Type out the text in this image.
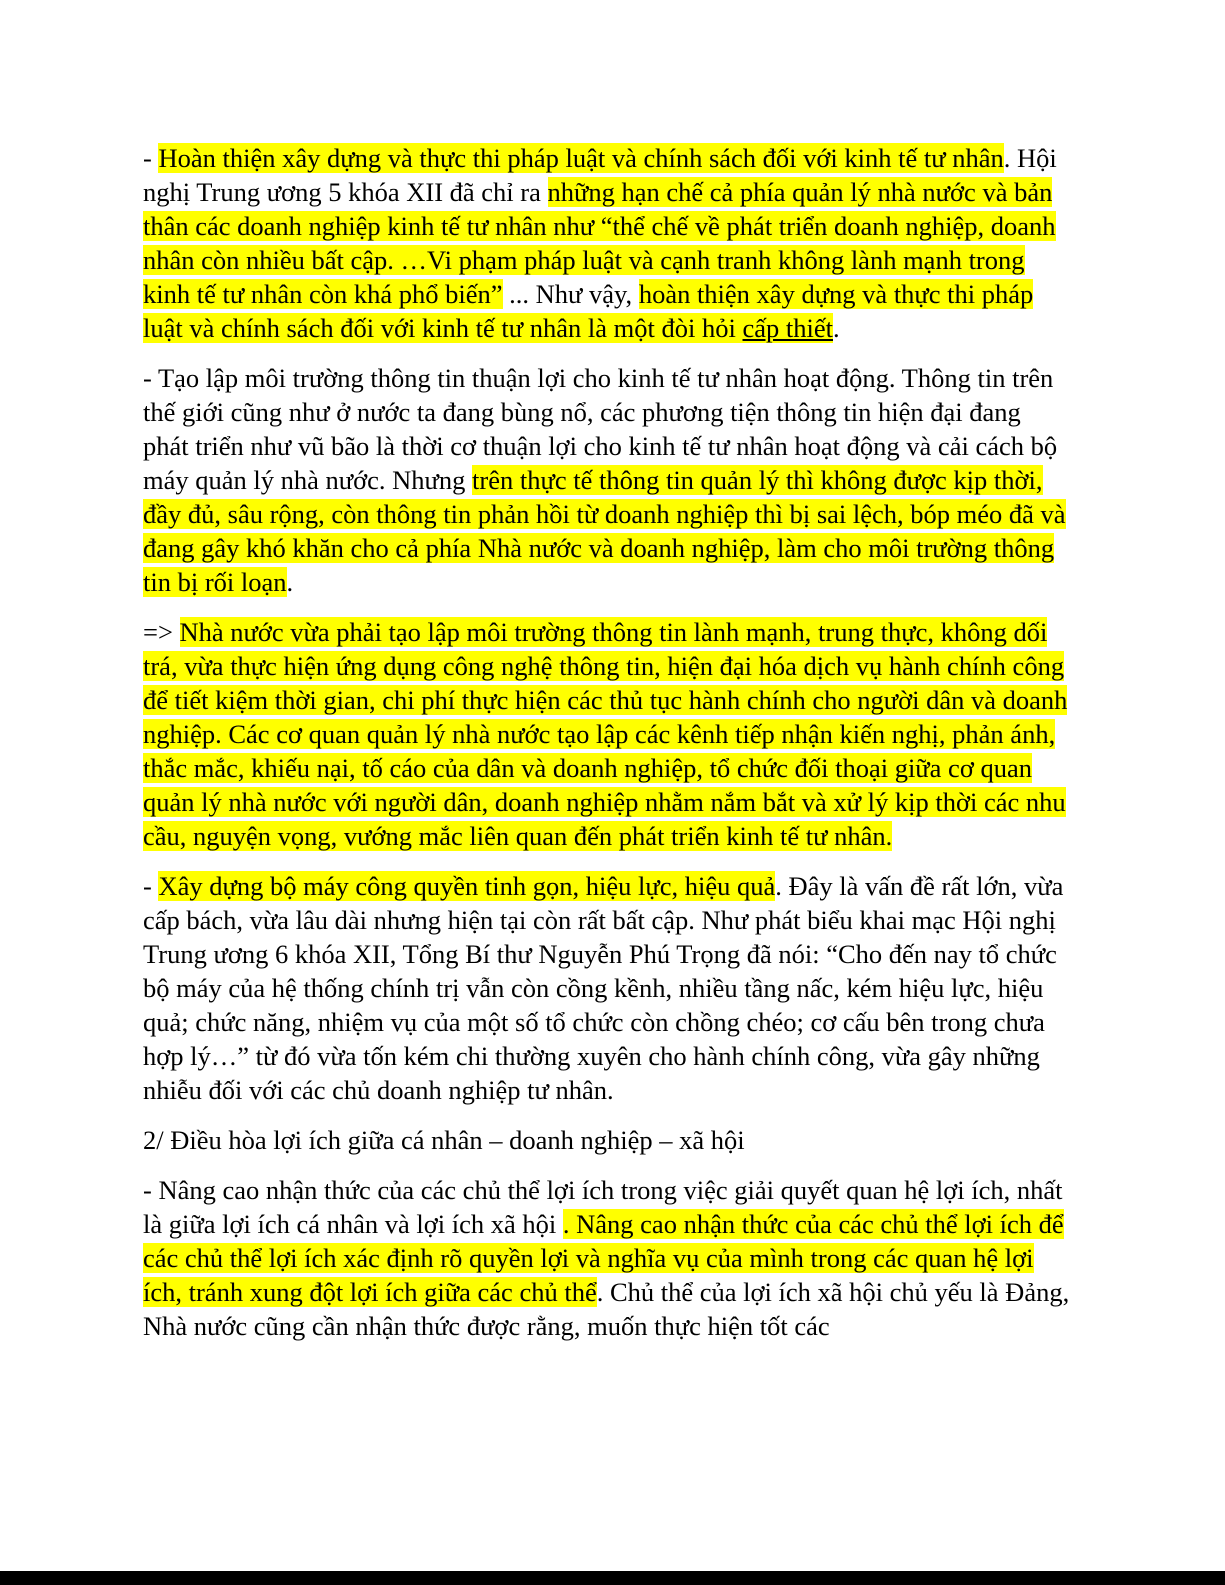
- Hoàn thiện xây dựng và thực thi pháp luật và chính sách đối với kinh tế tư nhân. Hội nghị Trung ương 5 khóa XII đã chỉ ra những hạn chế cả phía quản lý nhà nước và bản thân các doanh nghiệp kinh tế tư nhân như “thể chế về phát triển doanh nghiệp, doanh nhân còn nhiều bất cập. …Vi phạm pháp luật và cạnh tranh không lành mạnh trong kinh tế tư nhân còn khá phổ biến” ... Như vậy, hoàn thiện xây dựng và thực thi pháp luật và chính sách đối với kinh tế tư nhân là một đòi hỏi cấp thiết.

- Tạo lập môi trường thông tin thuận lợi cho kinh tế tư nhân hoạt động. Thông tin trên thế giới cũng như ở nước ta đang bùng nổ, các phương tiện thông tin hiện đại đang phát triển như vũ bão là thời cơ thuận lợi cho kinh tế tư nhân hoạt động và cải cách bộ máy quản lý nhà nước. Nhưng trên thực tế thông tin quản lý thì không được kịp thời, đầy đủ, sâu rộng, còn thông tin phản hồi từ doanh nghiệp thì bị sai lệch, bóp méo đã và đang gây khó khăn cho cả phía Nhà nước và doanh nghiệp, làm cho môi trường thông tin bị rối loạn.

=> Nhà nước vừa phải tạo lập môi trường thông tin lành mạnh, trung thực, không dối trá, vừa thực hiện ứng dụng công nghệ thông tin, hiện đại hóa dịch vụ hành chính công để tiết kiệm thời gian, chi phí thực hiện các thủ tục hành chính cho người dân và doanh nghiệp. Các cơ quan quản lý nhà nước tạo lập các kênh tiếp nhận kiến nghị, phản ánh, thắc mắc, khiếu nại, tố cáo của dân và doanh nghiệp, tổ chức đối thoại giữa cơ quan quản lý nhà nước với người dân, doanh nghiệp nhằm nắm bắt và xử lý kịp thời các nhu cầu, nguyện vọng, vướng mắc liên quan đến phát triển kinh tế tư nhân.

- Xây dựng bộ máy công quyền tinh gọn, hiệu lực, hiệu quả. Đây là vấn đề rất lớn, vừa cấp bách, vừa lâu dài nhưng hiện tại còn rất bất cập. Như phát biểu khai mạc Hội nghị Trung ương 6 khóa XII, Tổng Bí thư Nguyễn Phú Trọng đã nói: “Cho đến nay tổ chức bộ máy của hệ thống chính trị vẫn còn cồng kềnh, nhiều tầng nấc, kém hiệu lực, hiệu quả; chức năng, nhiệm vụ của một số tổ chức còn chồng chéo; cơ cấu bên trong chưa hợp lý…” từ đó vừa tốn kém chi thường xuyên cho hành chính công, vừa gây những nhiễu đối với các chủ doanh nghiệp tư nhân.

2/ Điều hòa lợi ích giữa cá nhân – doanh nghiệp – xã hội

- Nâng cao nhận thức của các chủ thể lợi ích trong việc giải quyết quan hệ lợi ích, nhất là giữa lợi ích cá nhân và lợi ích xã hội . Nâng cao nhận thức của các chủ thể lợi ích để các chủ thể lợi ích xác định rõ quyền lợi và nghĩa vụ của mình trong các quan hệ lợi ích, tránh xung đột lợi ích giữa các chủ thể. Chủ thể của lợi ích xã hội chủ yếu là Đảng, Nhà nước cũng cần nhận thức được rằng, muốn thực hiện tốt các
